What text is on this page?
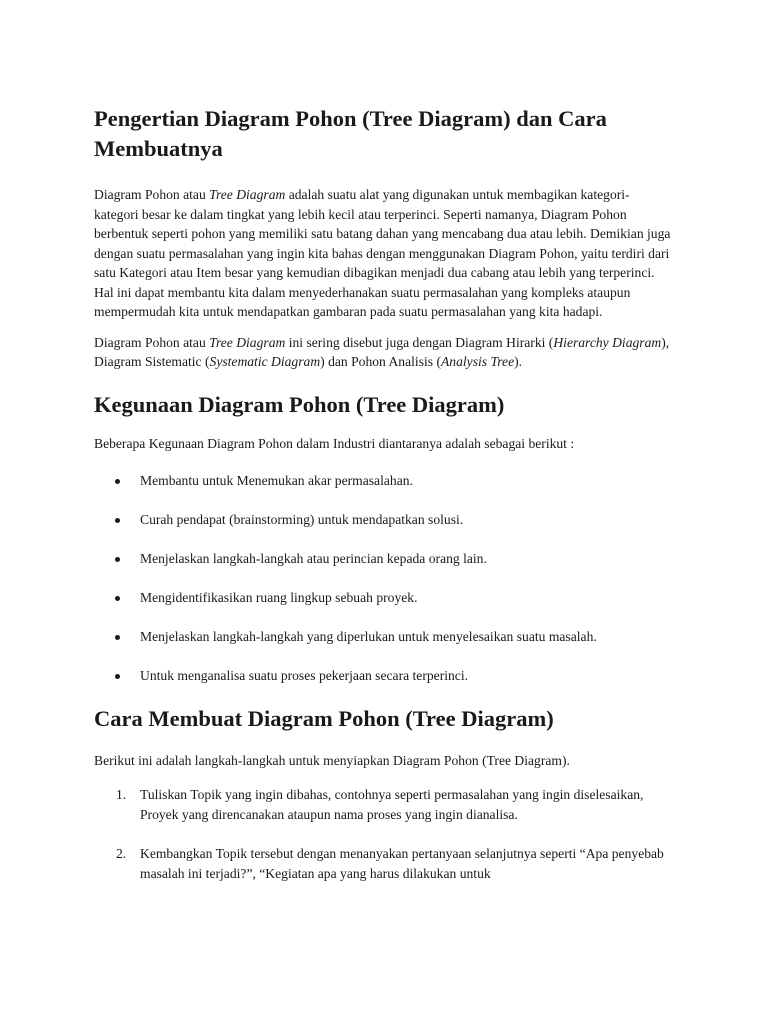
Pengertian Diagram Pohon (Tree Diagram) dan Cara Membuatnya

Diagram Pohon atau Tree Diagram adalah suatu alat yang digunakan untuk membagikan kategori-kategori besar ke dalam tingkat yang lebih kecil atau terperinci. Seperti namanya, Diagram Pohon berbentuk seperti pohon yang memiliki satu batang dahan yang mencabang dua atau lebih. Demikian juga dengan suatu permasalahan yang ingin kita bahas dengan menggunakan Diagram Pohon, yaitu terdiri dari satu Kategori atau Item besar yang kemudian dibagikan menjadi dua cabang atau lebih yang terperinci. Hal ini dapat membantu kita dalam menyederhanakan suatu permasalahan yang kompleks ataupun mempermudah kita untuk mendapatkan gambaran pada suatu permasalahan yang kita hadapi.

Diagram Pohon atau Tree Diagram ini sering disebut juga dengan Diagram Hirarki (Hierarchy Diagram), Diagram Sistematic (Systematic Diagram) dan Pohon Analisis (Analysis Tree).

Kegunaan Diagram Pohon (Tree Diagram)

Beberapa Kegunaan Diagram Pohon dalam Industri diantaranya adalah sebagai berikut :

Membantu untuk Menemukan akar permasalahan.
Curah pendapat (brainstorming) untuk mendapatkan solusi.
Menjelaskan langkah-langkah atau perincian kepada orang lain.
Mengidentifikasikan ruang lingkup sebuah proyek.
Menjelaskan langkah-langkah yang diperlukan untuk menyelesaikan suatu masalah.
Untuk menganalisa suatu proses pekerjaan secara terperinci.
Cara Membuat Diagram Pohon (Tree Diagram)

Berikut ini adalah langkah-langkah untuk menyiapkan Diagram Pohon (Tree Diagram).

1. Tuliskan Topik yang ingin dibahas, contohnya seperti permasalahan yang ingin diselesaikan, Proyek yang direncanakan ataupun nama proses yang ingin dianalisa.
2. Kembangkan Topik tersebut dengan menanyakan pertanyaan selanjutnya seperti “Apa penyebab masalah ini terjadi?”, “Kegiatan apa yang harus dilakukan untuk
